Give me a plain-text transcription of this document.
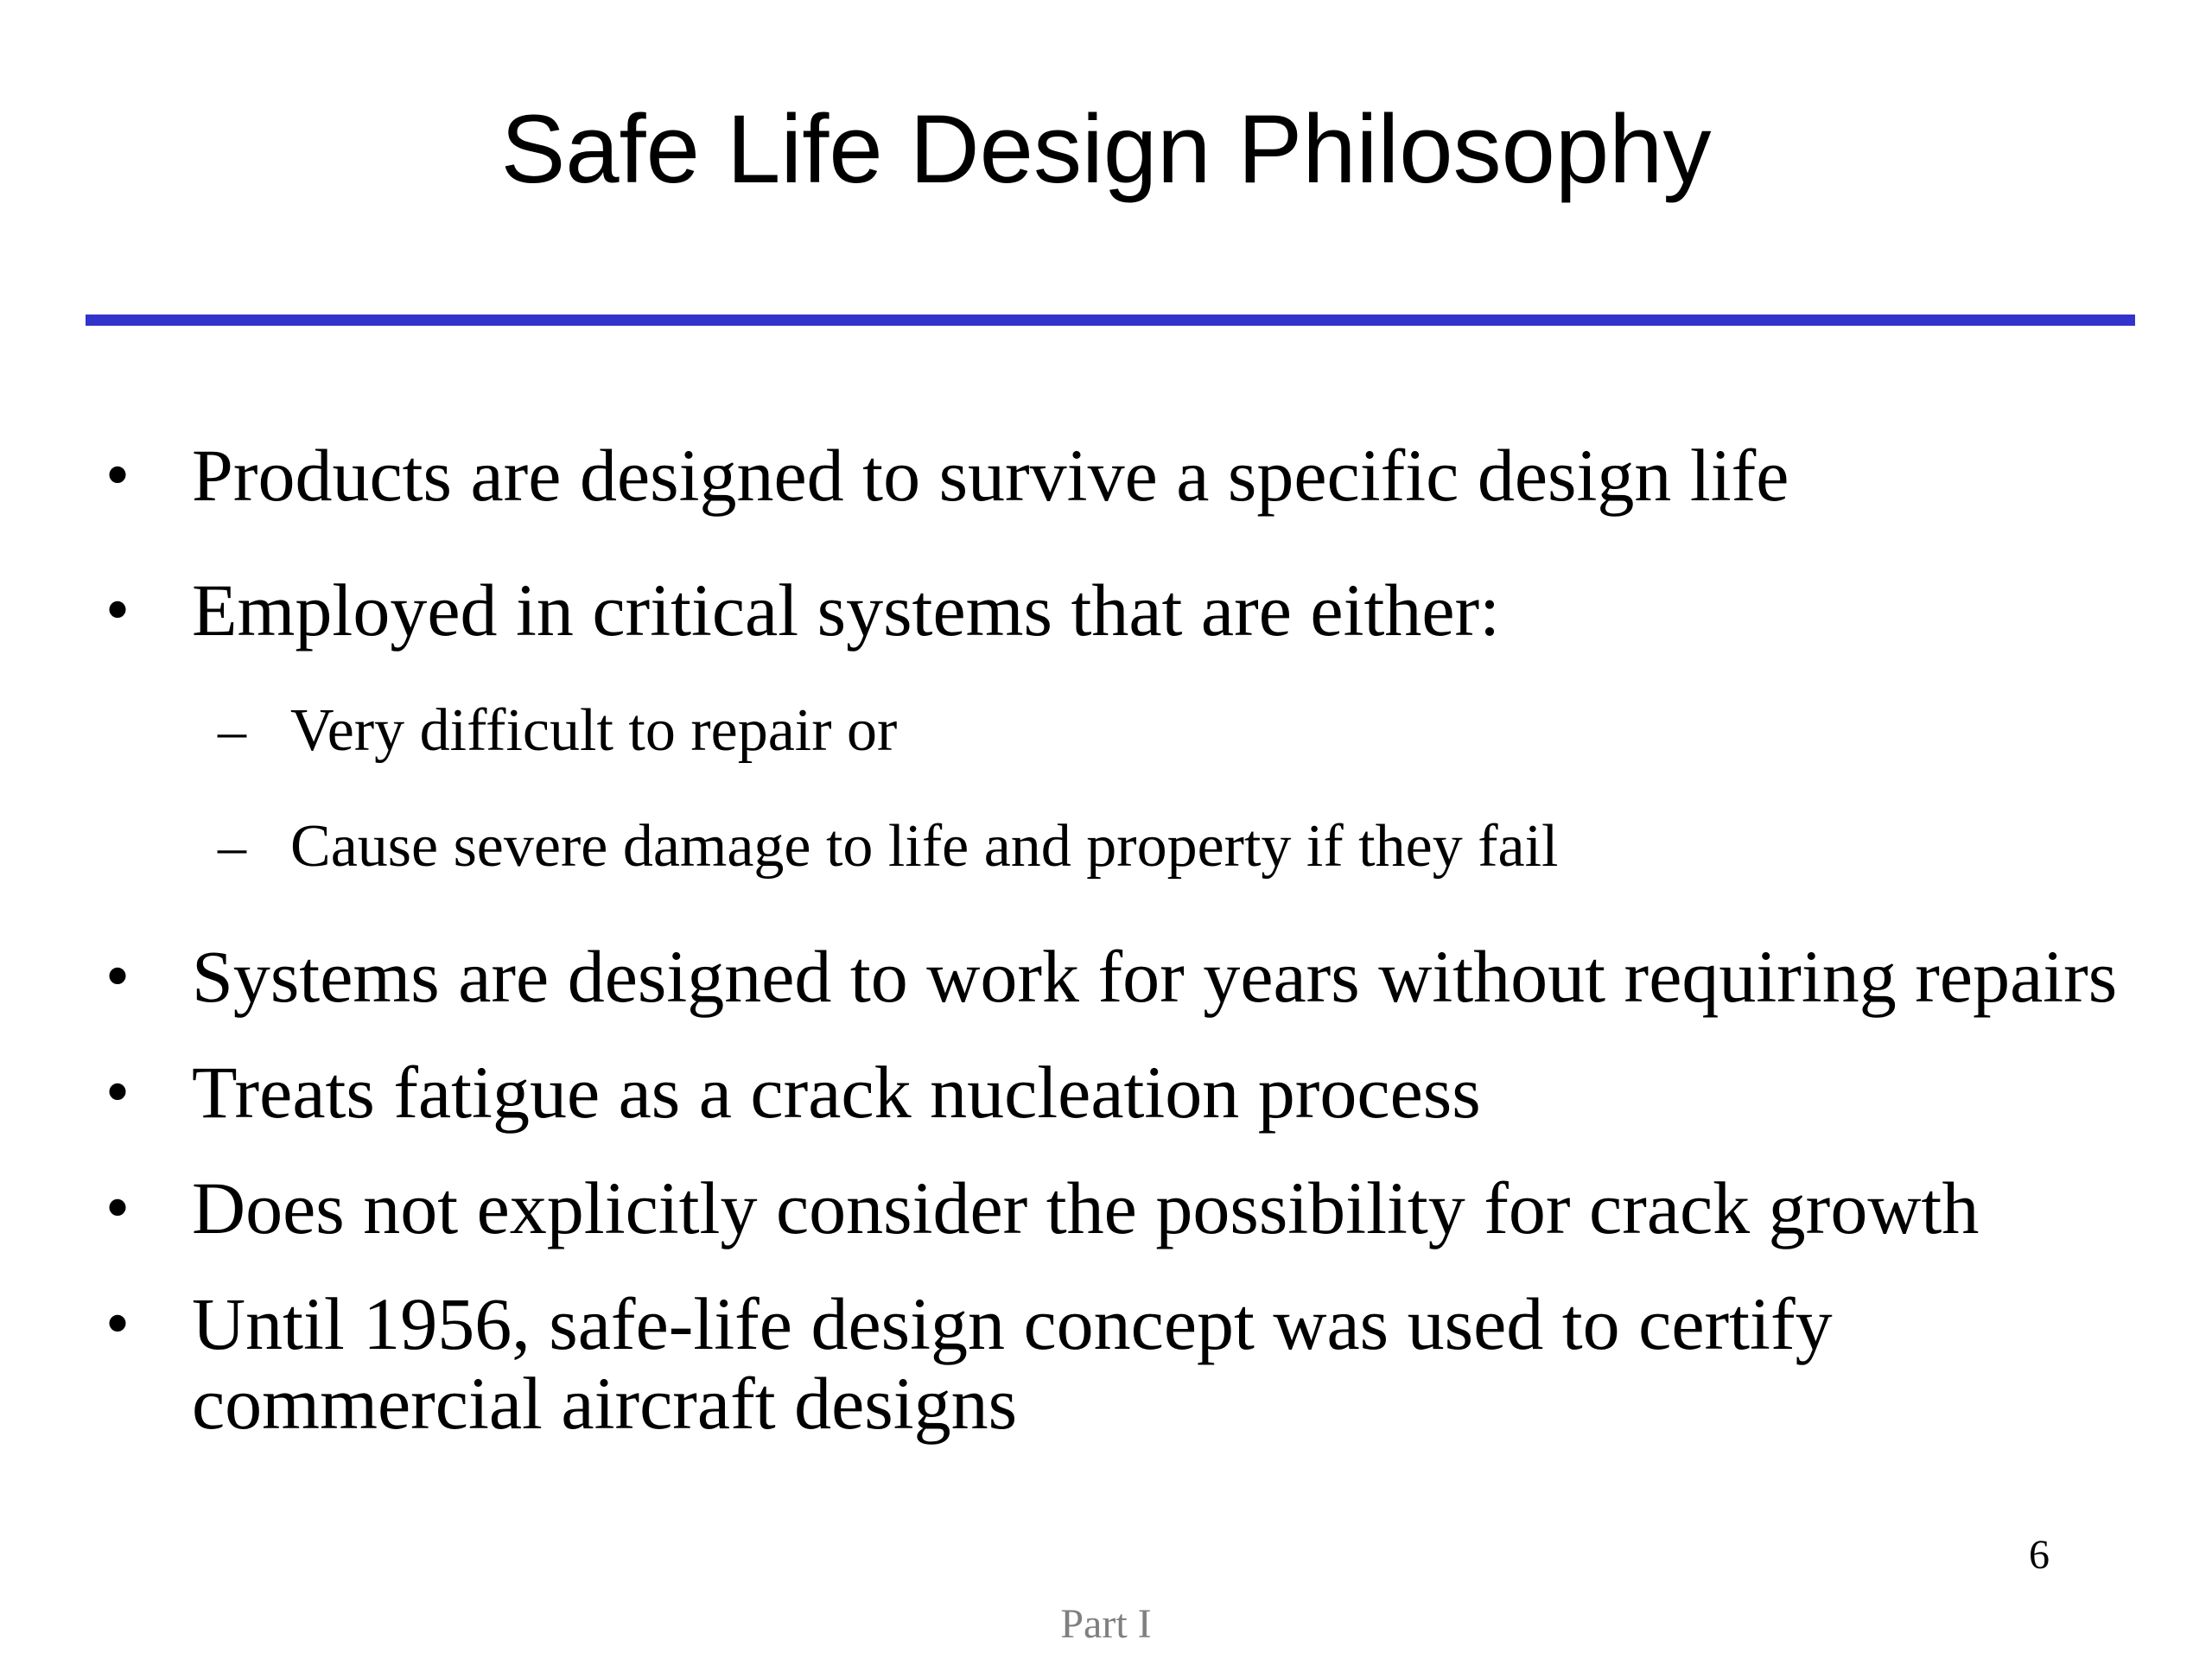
Safe Life Design Philosophy
• Products are designed to survive a specific design life
• Employed in critical systems that are either:
– Very difficult to repair or
– Cause severe damage to life and property if they fail
• Systems are designed to work for years without requiring repairs
• Treats fatigue as a crack nucleation process
• Does not explicitly consider the possibility for crack growth
• Until 1956, safe-life design concept was used to certify
commercial aircraft designs
6
Part I
